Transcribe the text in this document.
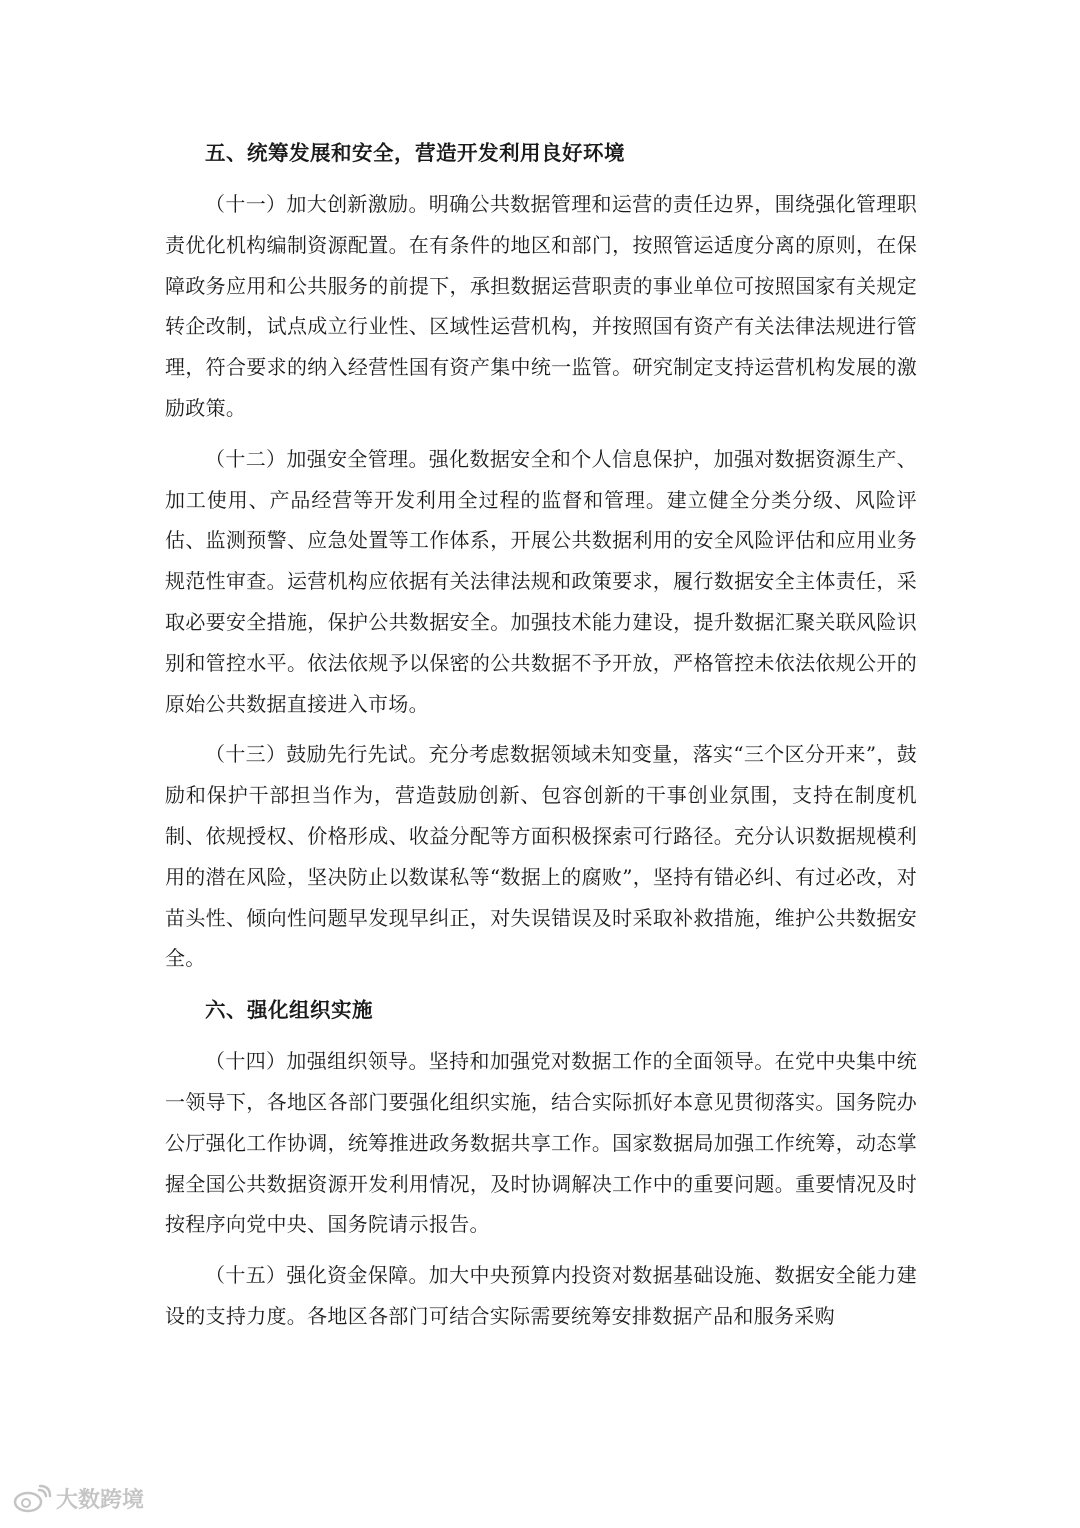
五、统筹发展和安全，营造开发利用良好环境

（十一）加大创新激励。明确公共数据管理和运营的责任边界，围绕强化管理职责优化机构编制资源配置。在有条件的地区和部门，按照管运适度分离的原则，在保障政务应用和公共服务的前提下，承担数据运营职责的事业单位可按照国家有关规定转企改制，试点成立行业性、区域性运营机构，并按照国有资产有关法律法规进行管理，符合要求的纳入经营性国有资产集中统一监管。研究制定支持运营机构发展的激励政策。

（十二）加强安全管理。强化数据安全和个人信息保护，加强对数据资源生产、加工使用、产品经营等开发利用全过程的监督和管理。建立健全分类分级、风险评估、监测预警、应急处置等工作体系，开展公共数据利用的安全风险评估和应用业务规范性审查。运营机构应依据有关法律法规和政策要求，履行数据安全主体责任，采取必要安全措施，保护公共数据安全。加强技术能力建设，提升数据汇聚关联风险识别和管控水平。依法依规予以保密的公共数据不予开放，严格管控未依法依规公开的原始公共数据直接进入市场。

（十三）鼓励先行先试。充分考虑数据领域未知变量，落实“三个区分开来”，鼓励和保护干部担当作为，营造鼓励创新、包容创新的干事创业氛围，支持在制度机制、依规授权、价格形成、收益分配等方面积极探索可行路径。充分认识数据规模利用的潜在风险，坚决防止以数谋私等“数据上的腐败”，坚持有错必纠、有过必改，对苗头性、倾向性问题早发现早纠正，对失误错误及时采取补救措施，维护公共数据安全。

六、强化组织实施

（十四）加强组织领导。坚持和加强党对数据工作的全面领导。在党中央集中统一领导下，各地区各部门要强化组织实施，结合实际抓好本意见贯彻落实。国务院办公厅强化工作协调，统筹推进政务数据共享工作。国家数据局加强工作统筹，动态掌握全国公共数据资源开发利用情况，及时协调解决工作中的重要问题。重要情况及时按程序向党中央、国务院请示报告。

（十五）强化资金保障。加大中央预算内投资对数据基础设施、数据安全能力建设的支持力度。各地区各部门可结合实际需要统筹安排数据产品和服务采购

大数跨境
